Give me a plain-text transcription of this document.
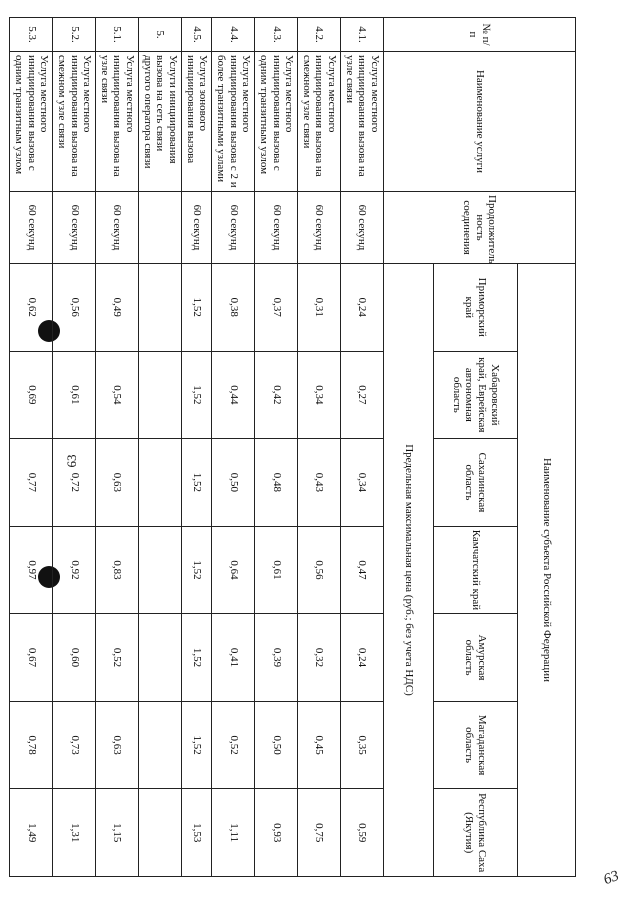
63
63
№ п/п	Наименование услуги	Продолжитель ность соединения	Наименование субъекта Российской Федерации						
			Приморский край	Хабаровский край, Еврейская автономная область	Сахалинская область	Камчатский край	Амурская область	Магаданская область	Республика Саха (Якутия)
			Предельная максимальная цена (руб.; без учета НДС)						
4.1.	Услуга местного инициирования вызова на узле связи	60 секунд	0,24	0,27	0,34	0,47	0,24	0,35	0,59
4.2.	Услуга местного инициирования вызова на смежном узле связи	60 секунд	0,31	0,34	0,43	0,56	0,32	0,45	0,75
4.3.	Услуга местного инициирования вызова с одним транзитным узлом	60 секунд	0,37	0,42	0,48	0,61	0,39	0,50	0,93
4.4.	Услуга местного инициирования вызова с 2 и более транзитными узлами	60 секунд	0,38	0,44	0,50	0,64	0,41	0,52	1,11
4.5.	Услуга зонового инициирования вызова	60 секунд	1,52	1,52	1,52	1,52	1,52	1,52	1,53
5.	Услуги инициирования вызова на сеть связи другого оператора связи								
5.1.	Услуга местного инициирования вызова на узле связи	60 секунд	0,49	0,54	0,63	0,83	0,52	0,63	1,15
5.2.	Услуга местного инициирования вызова на смежном узле связи	60 секунд	0,56	0,61	0,72	0,92	0,60	0,73	1,31
5.3.	Услуга местного инициирования вызова с одним транзитным узлом	60 секунд	0,62	0,69	0,77	0,97	0,67	0,78	1,49
